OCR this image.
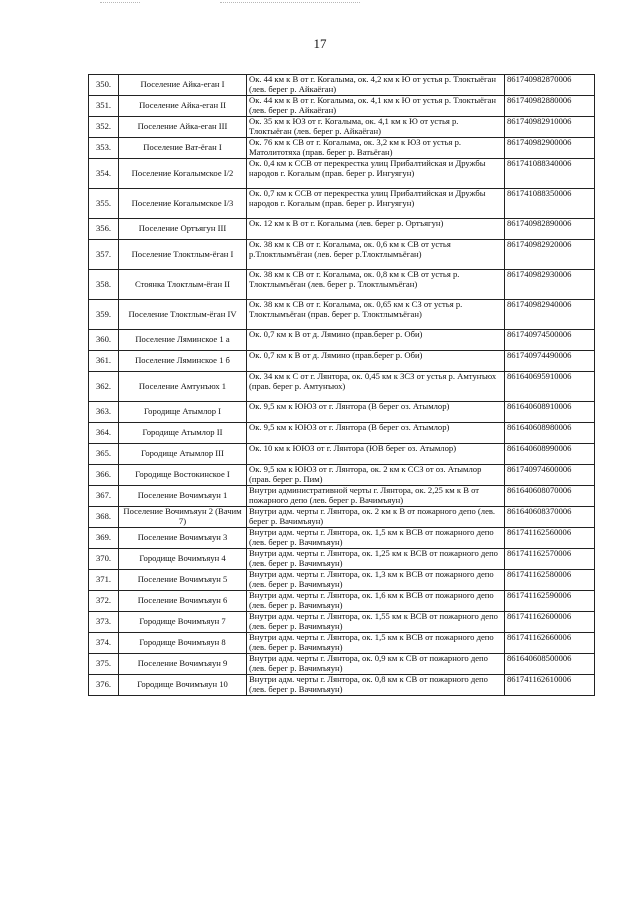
17
350.	Поселение Айка-еган I	Ок. 44 км к В от г. Когалыма, ок. 4,2 км к Ю от устья р. Тлоктыёган (лев. берег р. Айкаёган)	861740982870006
351.	Поселение Айка-еган II	Ок. 44 км к В от г. Когалыма, ок. 4,1 км к Ю от устья р. Тлоктыёган (лев. берег р. Айкаёган)	861740982880006
352.	Поселение Айка-еган III	Ок. 35 км к ЮЗ от г. Когалыма, ок. 4,1 км к Ю от устья р. Тлоктыёган (лев. берег р. Айкаёган)	861740982910006
353.	Поселение Ват-ёган I	Ок. 76 км к СВ от г. Когалыма, ок. 3,2 км к ЮЗ от устья р. Матолитотяха (прав. берег р. Ватьёган)	861740982900006
354.	Поселение Когалымское I/2	Ок. 0,4 км к ССВ от перекрестка улиц Прибалтийская и Дружбы народов г. Когалым (прав. берег р. Ингуягун)	861741088340006
355.	Поселение Когалымское I/3	Ок. 0,7 км к ССВ от перекрестка улиц Прибалтийская и Дружбы народов г. Когалым (прав. берег р. Ингуягун)	861741088350006
356.	Поселение Ортъягун III	Ок. 12 км к В от г. Когалыма (лев. берег р. Ортъягун)	861740982890006
357.	Поселение Тлоктлым-ёган I	Ок. 38 км к СВ от г. Когалыма, ок. 0,6 км к СВ от устья р.Тлоктлымъёган (лев. берег р.Тлоктлымъёган)	861740982920006
358.	Стоянка Тлоктлым-ёган II	Ок. 38 км к СВ от г. Когалыма, ок. 0,8 км к СВ от устья р. Тлоктлымъёган (лев. берег р. Тлоктлымъёган)	861740982930006
359.	Поселение Тлоктлым-ёган IV	Ок. 38 км к СВ от г. Когалыма, ок. 0,65 км к СЗ от устья р. Тлоктлымъёган (прав. берег р. Тлоктлымъёган)	861740982940006
360.	Поселение Ляминское 1 а	Ок. 0,7 км к В от д. Лямино (прав.берег р. Оби)	861740974500006
361.	Поселение Ляминское 1 б	Ок. 0,7 км к В от д. Лямино (прав.берег р. Оби)	861740974490006
362.	Поселение Амтунъюх 1	Ок. 34 км к С от г. Лянтора, ок. 0,45 км к ЗСЗ от устья р. Амтунъюх (прав. берег р. Амтунъюх)	861640695910006
363.	Городище Атымлор I	Ок. 9,5 км к ЮЮЗ от г. Лянтора (В берег оз. Атымлор)	861640608910006
364.	Городище Атымлор II	Ок. 9,5 км к ЮЮЗ от г. Лянтора (В берег оз. Атымлор)	861640608980006
365.	Городище Атымлор III	Ок. 10 км к ЮЮЗ от г. Лянтора (ЮВ берег оз. Атымлор)	861640608990006
366.	Городище Востокинское I	Ок. 9,5 км к ЮЮЗ от г. Лянтора, ок. 2 км к ССЗ от оз. Атымлор (прав. берег р. Пим)	861740974600006
367.	Поселение Вочимъяун 1	Внутри административной черты г. Лянтора, ок. 2,25 км к В от пожарного депо (лев. берег р. Вачимъяун)	861640608070006
368.	Поселение Вочимъяун 2 (Вачим 7)	Внутри адм. черты г. Лянтора, ок. 2 км к В от пожарного депо (лев. берег р. Вачимъяун)	861640608370006
369.	Поселение Вочимъяун 3	Внутри адм. черты г. Лянтора, ок. 1,5 км к ВСВ от пожарного депо (лев. берег р. Вачимъяун)	861741162560006
370.	Городище Вочимъяун 4	Внутри адм. черты г. Лянтора, ок. 1,25 км к ВСВ от пожарного депо (лев. берег р. Вачимъяун)	861741162570006
371.	Поселение Вочимъяун 5	Внутри адм. черты г. Лянтора, ок. 1,3 км к ВСВ от пожарного депо (лев. берег р. Вачимъяун)	861741162580006
372.	Поселение Вочимъяун 6	Внутри адм. черты г. Лянтора, ок. 1,6 км к ВСВ от пожарного депо (лев. берег р. Вачимъяун)	861741162590006
373.	Городище Вочимъяун 7	Внутри адм. черты г. Лянтора, ок. 1,55 км к ВСВ от пожарного депо (лев. берег р. Вачимъяун)	861741162600006
374.	Городище Вочимъяун 8	Внутри адм. черты г. Лянтора, ок. 1,5 км к ВСВ от пожарного депо (лев. берег р. Вачимъяун)	861741162660006
375.	Поселение Вочимъяун 9	Внутри адм. черты г. Лянтора, ок. 0,9 км к СВ от пожарного депо (лев. берег р. Вачимъяун)	861640608500006
376.	Городище Вочимъяун 10	Внутри адм. черты г. Лянтора, ок. 0,8 км к СВ от пожарного депо (лев. берег р. Вачимъяун)	861741162610006
